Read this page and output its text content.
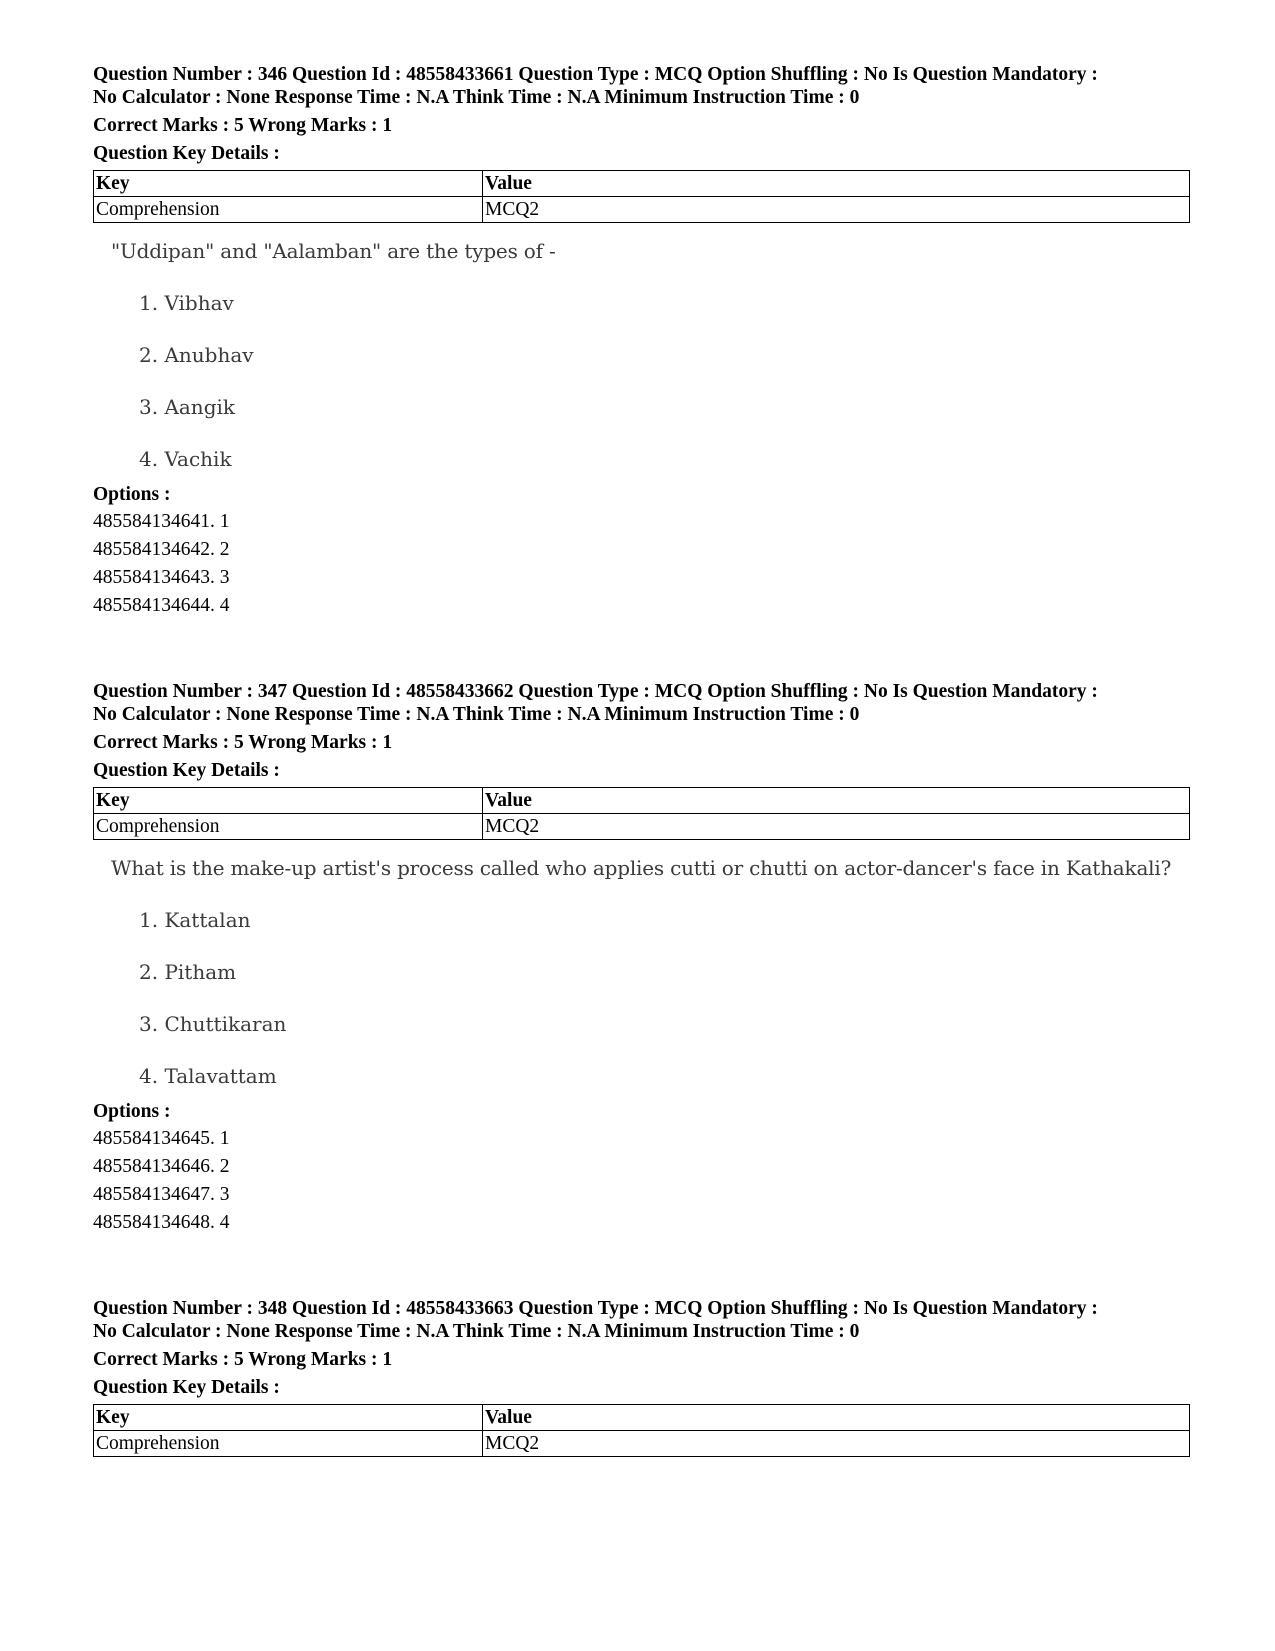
Question Number : 346 Question Id : 48558433661 Question Type : MCQ Option Shuffling : No Is Question Mandatory :

No Calculator : None Response Time : N.A Think Time : N.A Minimum Instruction Time : 0

Correct Marks : 5 Wrong Marks : 1
Question Key Details :
Key	Value
Comprehension	MCQ2
"Uddipan" and "Aalamban" are the types of -
1. Vibhav
2. Anubhav
3. Aangik
4. Vachik
Options :
485584134641. 1
485584134642. 2
485584134643. 3
485584134644. 4

Question Number : 347 Question Id : 48558433662 Question Type : MCQ Option Shuffling : No Is Question Mandatory :

No Calculator : None Response Time : N.A Think Time : N.A Minimum Instruction Time : 0

Correct Marks : 5 Wrong Marks : 1
Question Key Details :
Key	Value
Comprehension	MCQ2
What is the make-up artist's process called who applies cutti or chutti on actor-dancer's face in Kathakali?
1. Kattalan
2. Pitham
3. Chuttikaran
4. Talavattam
Options :
485584134645. 1
485584134646. 2
485584134647. 3
485584134648. 4

Question Number : 348 Question Id : 48558433663 Question Type : MCQ Option Shuffling : No Is Question Mandatory :

No Calculator : None Response Time : N.A Think Time : N.A Minimum Instruction Time : 0

Correct Marks : 5 Wrong Marks : 1
Question Key Details :
Key	Value
Comprehension	MCQ2
